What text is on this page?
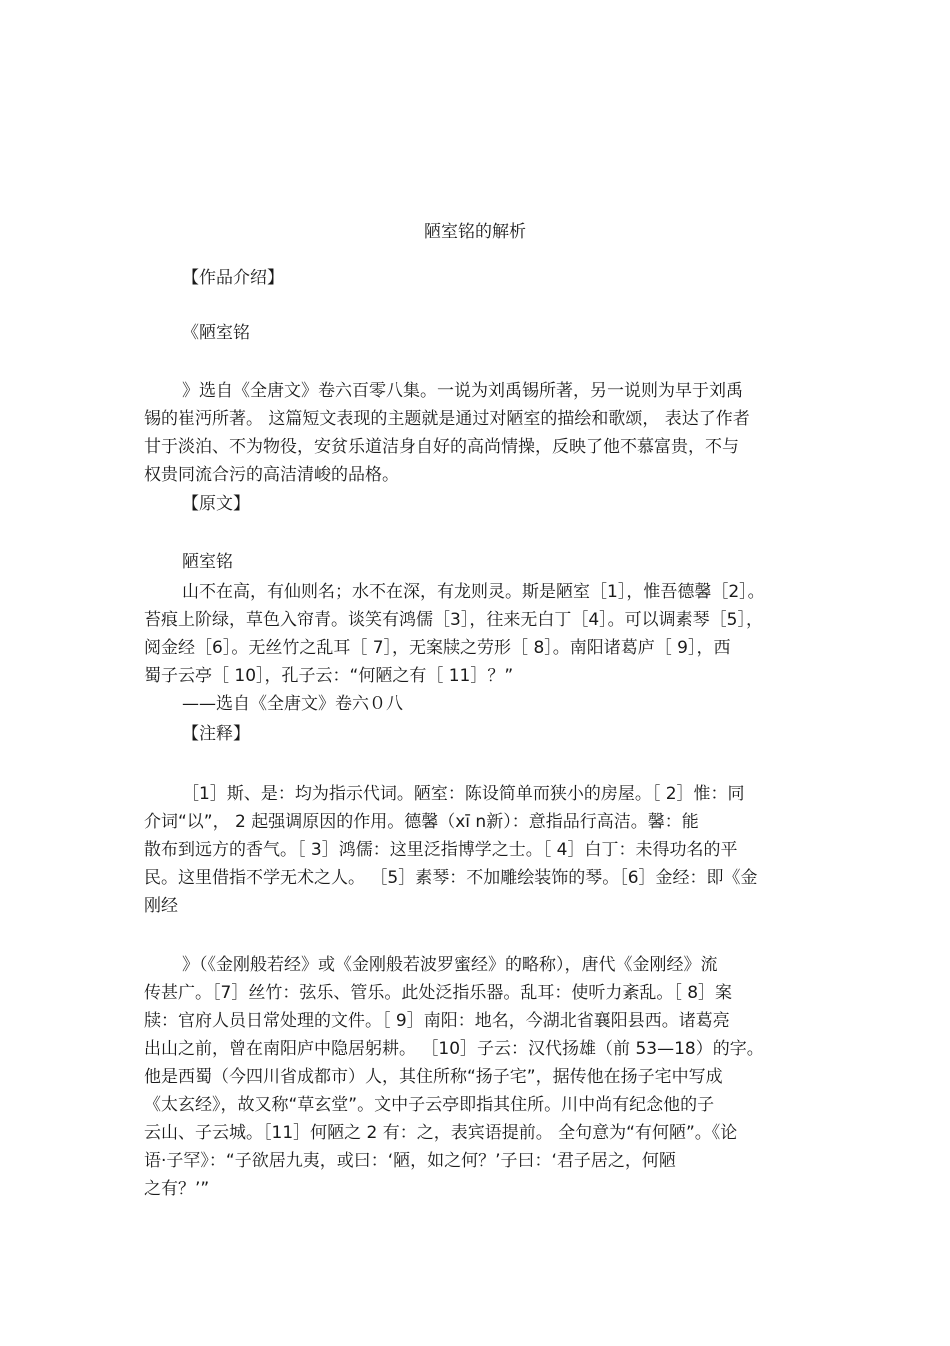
陋室铭的解析

【作品介绍】

《陋室铭

》选自《全唐文》卷六百零八集。一说为刘禹锡所著，另一说则为早于刘禹

锡的崔沔所著。 这篇短文表现的主题就是通过对陋室的描绘和歌颂， 表达了作者

甘于淡泊、不为物役，安贫乐道洁身自好的高尚情操，反映了他不慕富贵，不与

权贵同流合污的高洁清峻的品格。

【原文】

陋室铭

山不在高，有仙则名；水不在深，有龙则灵。斯是陋室［1］，惟吾德馨［2］。

苔痕上阶绿，草色入帘青。谈笑有鸿儒［3］，往来无白丁［4］。可以调素琴［5］，

阅金经［6］。无丝竹之乱耳［ 7］，无案牍之劳形［ 8］。南阳诸葛庐［ 9］，西

蜀子云亭［ 10］，孔子云：“何陋之有［ 11］？”

——选自《全唐文》卷六０八

【注释】

［1］斯、是：均为指示代词。陋室：陈设简单而狭小的房屋。［ 2］惟：同

介词“以”， 2 起强调原因的作用。德馨（xī n新）：意指品行高洁。馨：能

散布到远方的香气。［ 3］鸿儒：这里泛指博学之士。［ 4］白丁：未得功名的平

民。这里借指不学无术之人。 ［5］素琴：不加雕绘装饰的琴。［6］金经：即《金

刚经

》（《金刚般若经》或《金刚般若波罗蜜经》的略称），唐代《金刚经》流

传甚广。［7］丝竹：弦乐、管乐。此处泛指乐器。乱耳：使听力紊乱。［ 8］案

牍：官府人员日常处理的文件。［ 9］南阳：地名，今湖北省襄阳县西。诸葛亮

出山之前，曾在南阳庐中隐居躬耕。 ［10］子云：汉代扬雄（前 53—18）的字。

他是西蜀（今四川省成都市）人，其住所称“扬子宅”，据传他在扬子宅中写成

《太玄经》，故又称“草玄堂”。文中子云亭即指其住所。川中尚有纪念他的子

云山、子云城。［11］何陋之 2 有：之，表宾语提前。 全句意为“有何陋”。《论

语·子罕》：“子欲居九夷，或曰：‘陋，如之何？’子曰：‘君子居之，何陋

之有？’”
